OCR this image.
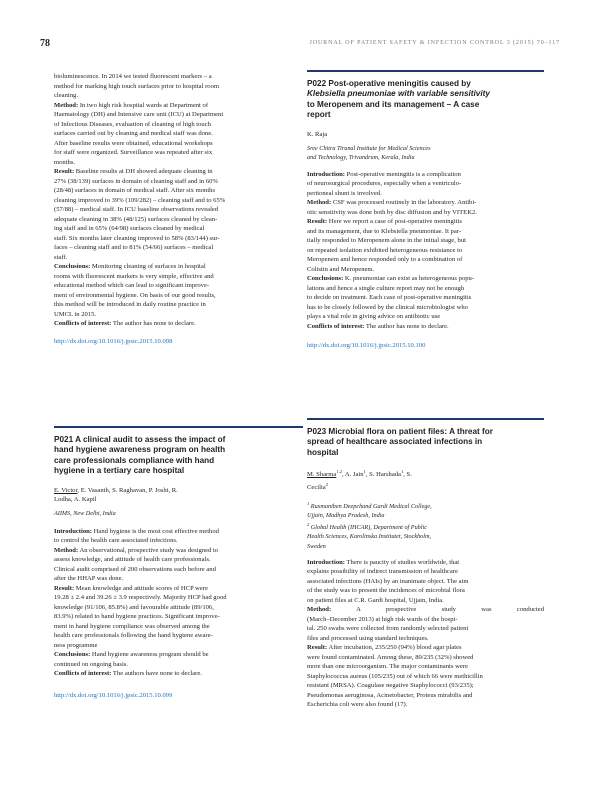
78	JOURNAL OF PATIENT SAFETY & INFECTION CONTROL 3 (2015) 70–117

bioluminescence. In 2014 we tested fluorescent markers – a

method for marking high touch surfaces prior to hospital room

cleaning.

Method: In two high risk hospital wards at Department of

Haematology (DH) and Intensive care unit (ICU) at Department

of Infectious Diseases, evaluation of cleaning of high touch

surfaces carried out by cleaning and medical staff was done.

After baseline results were obtained, educational workshops

for staff were organized. Surveillance was repeated after six

months.

Result: Baseline results at DH showed adequate cleaning in

27% (38/139) surfaces in domain of cleaning staff and in 60%

(28/48) surfaces in domain of medical staff. After six months

cleaning improved to 39% (109/282) – cleaning staff and to 65%

(57/88) – medical staff. In ICU baseline observations revealed

adequate cleaning in 38% (48/125) surfaces cleaned by clean-

ing staff and in 65% (64/98) surfaces cleaned by medical

staff. Six months later cleaning improved to 58% (83/144) sur-

faces – cleaning staff and to 81% (54/66) surfaces – medical

staff.

Conclusions: Monitoring cleaning of surfaces in hospital

rooms with fluorescent markers is very simple, effective and

educational method which can lead to significant improve-

ment of environmental hygiene. On basis of our good results,

this method will be introduced in daily routine practice in

UMCL in 2015.

Conflicts of interest: The author has none to declare.

http://dx.doi.org/10.1016/j.jpsic.2015.10.098

P021 A clinical audit to assess the impact of

hand hygiene awareness program on health

care professionals compliance with hand

hygiene in a tertiary care hospital

E. Victor, E. Vasanth, S. Raghavan, P. Joshi, R.

Lodha, A. Kapil

AIIMS, New Delhi, India

Introduction: Hand hygiene is the most cost effective method

to control the health care associated infections.

Method: An observational, prospective study was designed to

assess knowledge, and attitude of health care professionals.

Clinical audit comprised of 200 observations each before and

after the HHAP was done.

Result: Mean knowledge and attitude scores of HCP were

19.28 ± 2.4 and 39.26 ± 3.9 respectively. Majority HCP had good

knowledge (91/106, 85.8%) and favourable attitude (89/106,

83.9%) related to hand hygiene practices. Significant improve-

ment in hand hygiene compliance was observed among the

health care professionals following the hand hygiene aware-

ness programme

Conclusions: Hand hygiene awareness program should be

continued on ongoing basis.

Conflicts of interest: The authors have none to declare.

http://dx.doi.org/10.1016/j.jpsic.2015.10.099

P022 Post-operative meningitis caused by

Klebsiella pneumoniae with variable sensitivity

to Meropenem and its management – A case

report

K. Raja

Sree Chitra Tirunal Institute for Medical Sciences

and Technology, Trivandrum, Kerala, India

Introduction: Post-operative meningitis is a complication

of neurosurgical procedures, especially when a ventriculo-

peritoneal shunt is involved.

Method: CSF was processed routinely in the laboratory. Antibi-

otic sensitivity was done both by disc diffusion and by VITEK2.

Result: Here we report a case of post-operative meningitis

and its management, due to Klebsiella pneumoniae. It par-

tially responded to Meropenem alone in the initial stage, but

on repeated isolation exhibited heterogeneous resistance to

Meropenem and hence responded only to a combination of

Colistin and Meropenem.

Conclusions: K. pneumoniae can exist as heterogeneous popu-

lations and hence a single culture report may not be enough

to decide on treatment. Each case of post-operative meningitis

has to be closely followed by the clinical microbiologist who

plays a vital role in giving advice on antibiotic use

Conflicts of interest: The author has none to declare.

http://dx.doi.org/10.1016/j.jpsic.2015.10.100

P023 Microbial flora on patient files: A threat for

spread of healthcare associated infections in

hospital

M. Sharma$^{1,2}$, A. Jain$^1$, S. Harshada$^1$, S.

Cecilia$^2$

$^1$ Ruxmaniben Deepchand Gardi Medical College,

Ujjain, Madhya Pradesh, India

$^2$ Global Health (IHCAR), Department of Public

Health Sciences, Karolinska Institutet, Stockholm,

Sweden

Introduction: There is paucity of studies worldwide, that

explains possibility of indirect transmission of healthcare

associated infections (HAIs) by an inanimate object. The aim

of the study was to present the incidences of microbial flora

on patient files at C.R. Gardi hospital, Ujjain, India.

Method: A prospective study was conducted

(March–December 2013) at high risk wards of the hospi-

tal. 250 swabs were collected from randomly selected patient

files and processed using standard techniques.

Result: After incubation, 235/250 (94%) blood agar plates

were found contaminated. Among these, 80/235 (32%) showed

more than one microorganism. The major contaminants were

Staphylococcus aureus (105/235) out of which 66 were methicillin

resistant (MRSA). Coagulase negative Staphylococci (93/235);

Pseudomonas aeruginosa, Acinetobacter, Proteus mirabilis and

Escherichia coli were also found (17).
